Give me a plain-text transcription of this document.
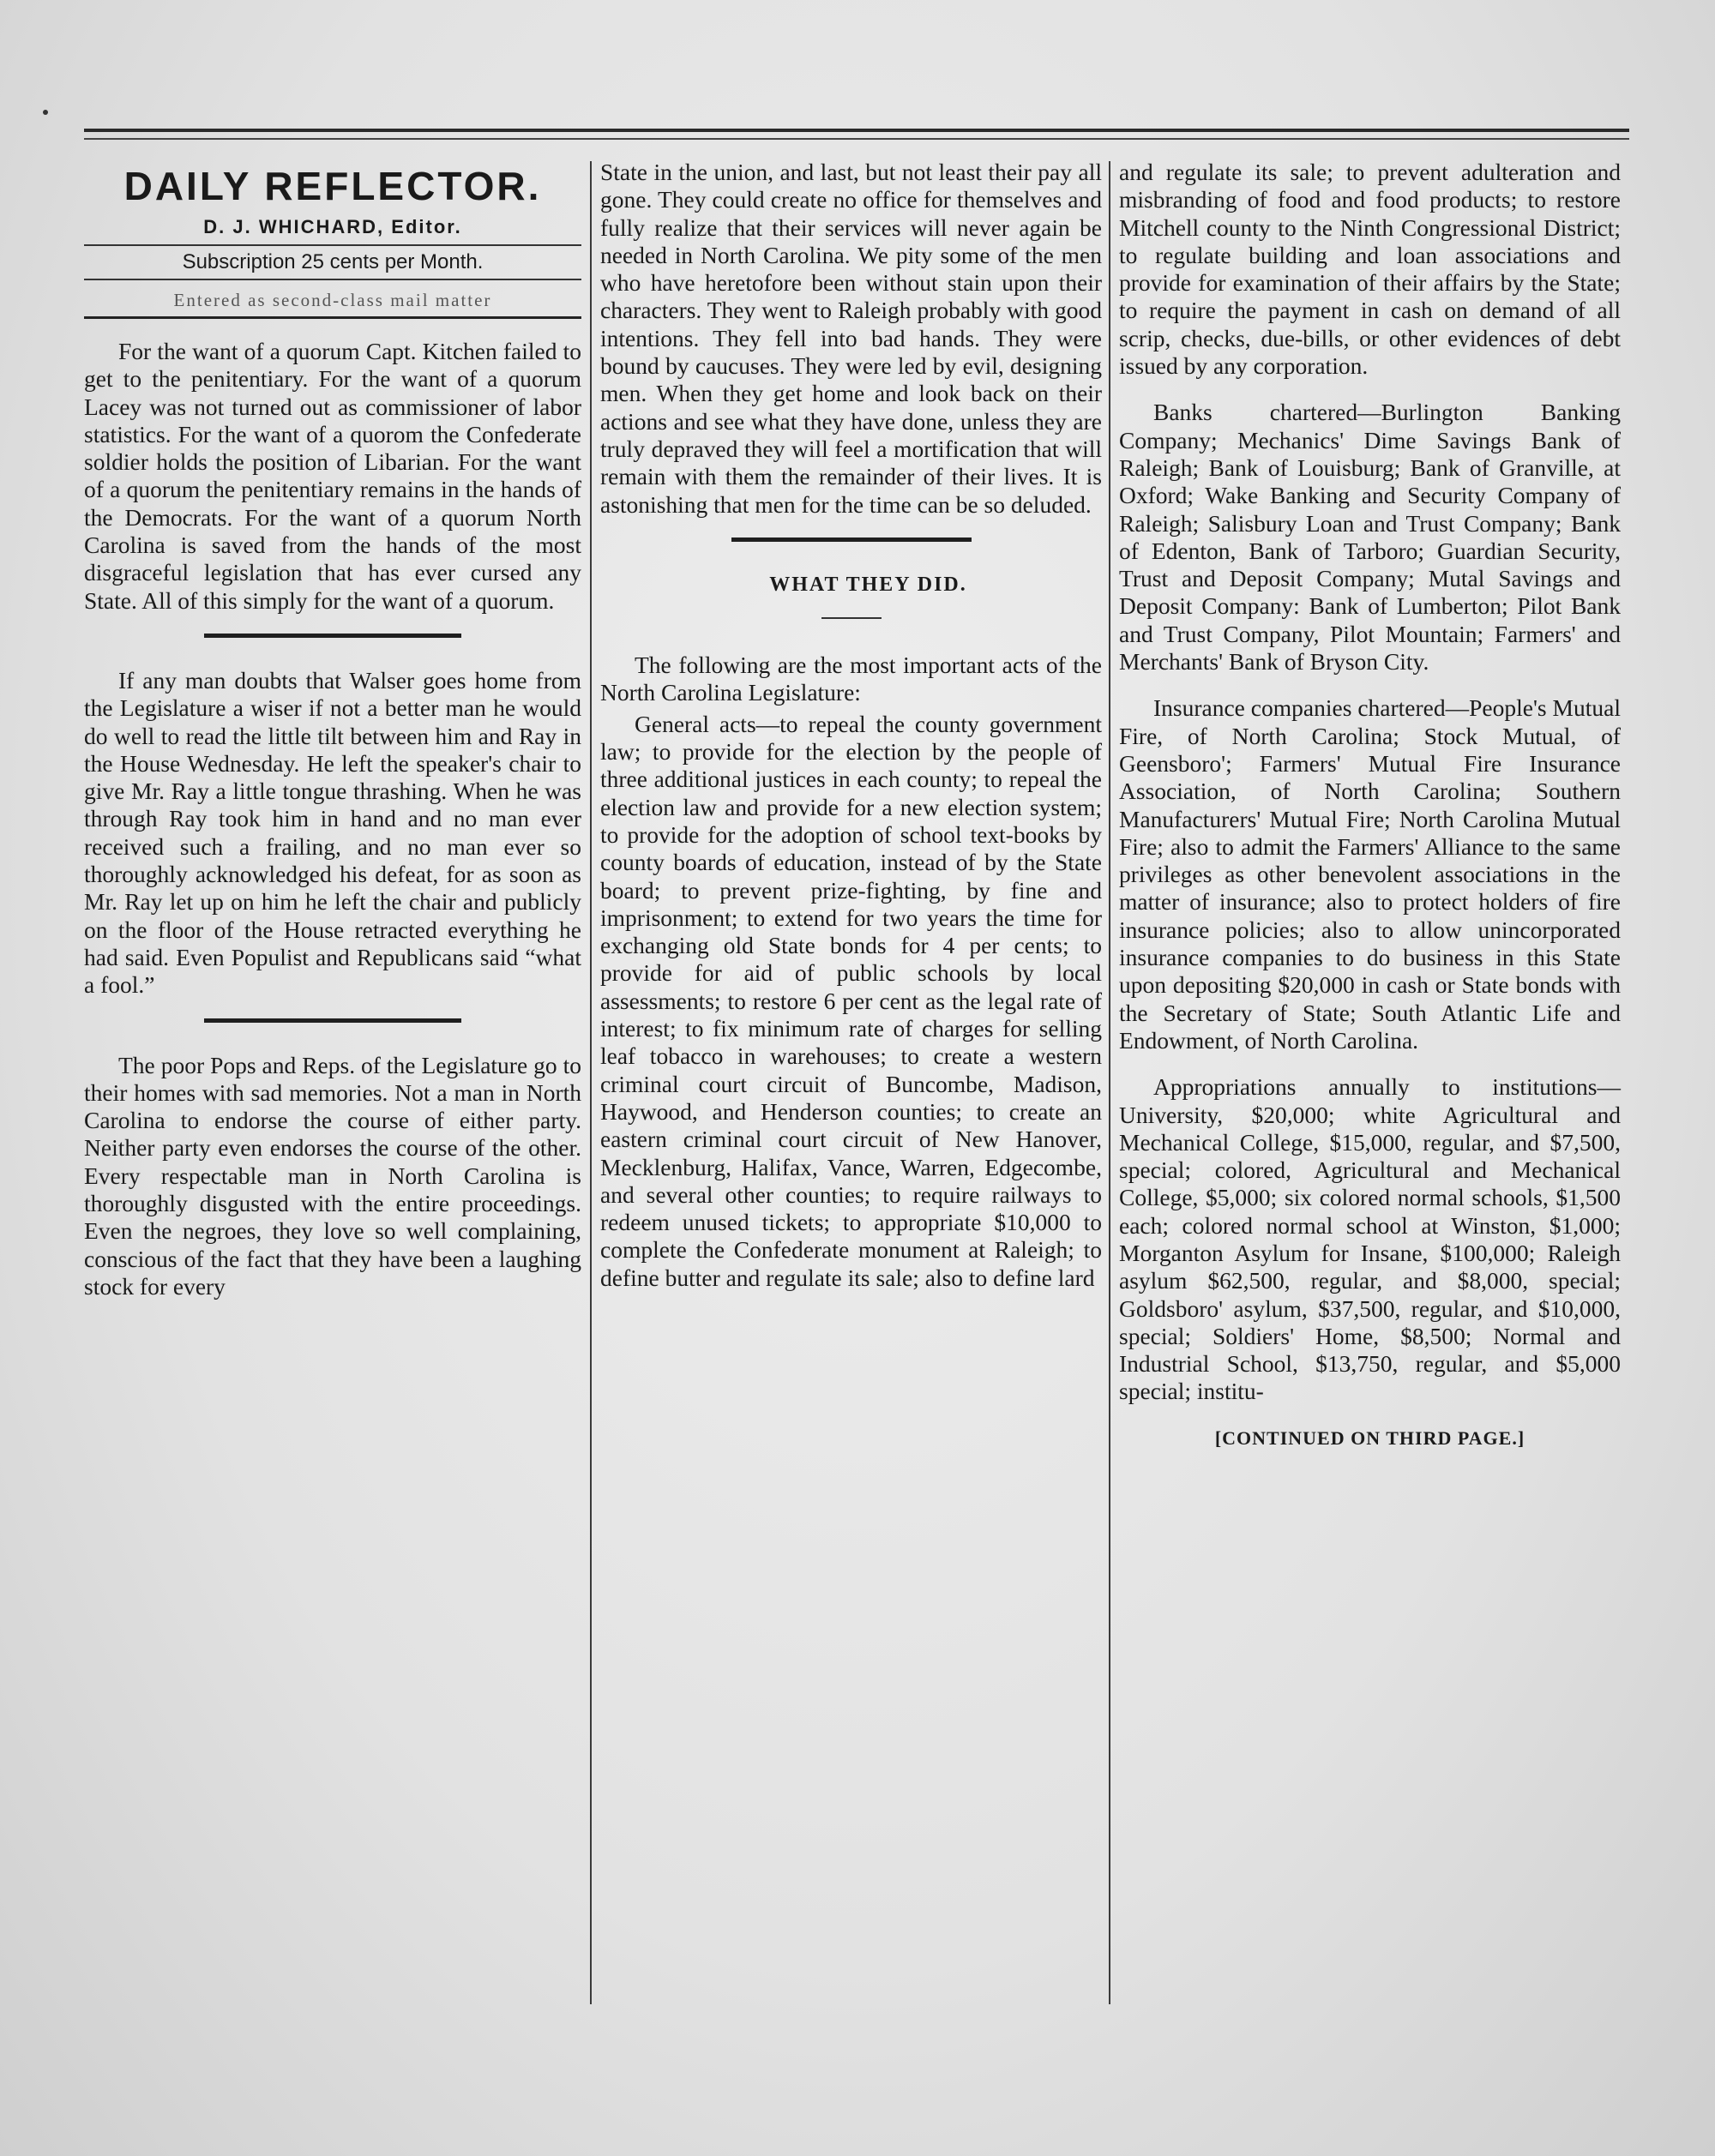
DAILY REFLECTOR.
D. J. WHICHARD, Editor.
Subscription 25 cents per Month.
Entered as second-class mail matter

For the want of a quorum Capt. Kitchen failed to get to the penitentiary. For the want of a quorum Lacey was not turned out as commissioner of labor statistics. For the want of a quorom the Confederate soldier holds the position of Libarian. For the want of a quorum the penitentiary remains in the hands of the Democrats. For the want of a quorum North Carolina is saved from the hands of the most disgraceful legislation that has ever cursed any State. All of this simply for the want of a quorum.

If any man doubts that Walser goes home from the Legislature a wiser if not a better man he would do well to read the little tilt between him and Ray in the House Wednesday. He left the speaker's chair to give Mr. Ray a little tongue thrashing. When he was through Ray took him in hand and no man ever received such a frailing, and no man ever so thoroughly acknowledged his defeat, for as soon as Mr. Ray let up on him he left the chair and publicly on the floor of the House retracted everything he had said. Even Populist and Republicans said “what a fool.”

The poor Pops and Reps. of the Legislature go to their homes with sad memories. Not a man in North Carolina to endorse the course of either party. Neither party even endorses the course of the other. Every respectable man in North Carolina is thoroughly disgusted with the entire proceedings. Even the negroes, they love so well complaining, conscious of the fact that they have been a laughing stock for every

State in the union, and last, but not least their pay all gone. They could create no office for themselves and fully realize that their services will never again be needed in North Carolina. We pity some of the men who have heretofore been without stain upon their characters. They went to Raleigh probably with good intentions. They fell into bad hands. They were bound by caucuses. They were led by evil, designing men. When they get home and look back on their actions and see what they have done, unless they are truly depraved they will feel a mortification that will remain with them the remainder of their lives. It is astonishing that men for the time can be so deluded.

WHAT THEY DID.

The following are the most important acts of the North Carolina Legislature:

General acts—to repeal the county government law; to provide for the election by the people of three additional justices in each county; to repeal the election law and provide for a new election system; to provide for the adoption of school text-books by county boards of education, instead of by the State board; to prevent prize-fighting, by fine and imprisonment; to extend for two years the time for exchanging old State bonds for 4 per cents; to provide for aid of public schools by local assessments; to restore 6 per cent as the legal rate of interest; to fix minimum rate of charges for selling leaf tobacco in warehouses; to create a western criminal court circuit of Buncombe, Madison, Haywood, and Henderson counties; to create an eastern criminal court circuit of New Hanover, Mecklenburg, Halifax, Vance, Warren, Edgecombe, and several other counties; to require railways to redeem unused tickets; to appropriate $10,000 to complete the Confederate monument at Raleigh; to define butter and regulate its sale; also to define lard

and regulate its sale; to prevent adulteration and misbranding of food and food products; to restore Mitchell county to the Ninth Congressional District; to regulate building and loan associations and provide for examination of their affairs by the State; to require the payment in cash on demand of all scrip, checks, due-bills, or other evidences of debt issued by any corporation.

Banks chartered—Burlington Banking Company; Mechanics' Dime Savings Bank of Raleigh; Bank of Louisburg; Bank of Granville, at Oxford; Wake Banking and Security Company of Raleigh; Salisbury Loan and Trust Company; Bank of Edenton, Bank of Tarboro; Guardian Security, Trust and Deposit Company; Mutal Savings and Deposit Company: Bank of Lumberton; Pilot Bank and Trust Company, Pilot Mountain; Farmers' and Merchants' Bank of Bryson City.

Insurance companies chartered—People's Mutual Fire, of North Carolina; Stock Mutual, of Geensboro'; Farmers' Mutual Fire Insurance Association, of North Carolina; Southern Manufacturers' Mutual Fire; North Carolina Mutual Fire; also to admit the Farmers' Alliance to the same privileges as other benevolent associations in the matter of insurance; also to protect holders of fire insurance policies; also to allow unincorporated insurance companies to do business in this State upon depositing $20,000 in cash or State bonds with the Secretary of State; South Atlantic Life and Endowment, of North Carolina.

Appropriations annually to institutions—University, $20,000; white Agricultural and Mechanical College, $15,000, regular, and $7,500, special; colored, Agricultural and Mechanical College, $5,000; six colored normal schools, $1,500 each; colored normal school at Winston, $1,000; Morganton Asylum for Insane, $100,000; Raleigh asylum $62,500, regular, and $8,000, special; Goldsboro' asylum, $37,500, regular, and $10,000, special; Soldiers' Home, $8,500; Normal and Industrial School, $13,750, regular, and $5,000 special; institu-

[CONTINUED ON THIRD PAGE.]
